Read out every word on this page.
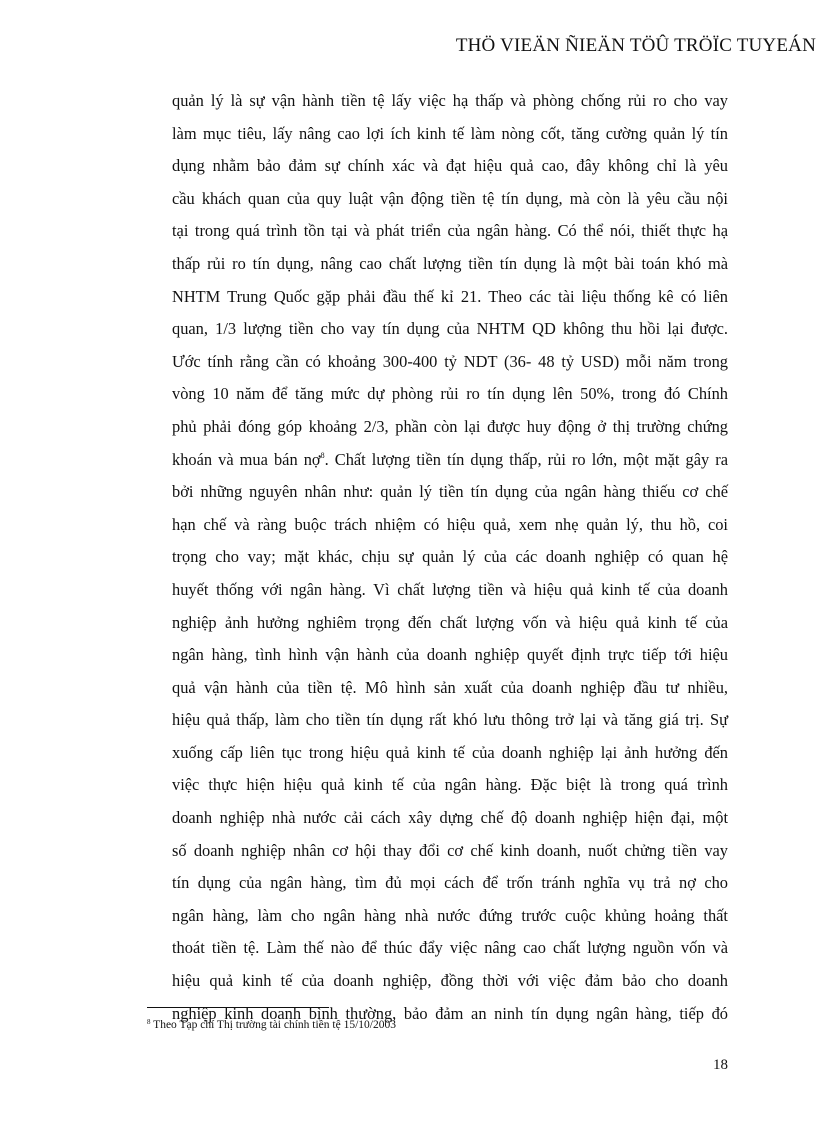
THÖ VIEÄN ÑIEÄN TÖÛ TRÖÏC TUYEÁN
quản lý là sự vận hành tiền tệ lấy việc hạ thấp và phòng chống rủi ro cho vay
làm mục tiêu, lấy nâng cao lợi ích kinh tế làm nòng cốt, tăng cường quản lý tín
dụng nhằm bảo đảm sự chính xác và đạt hiệu quả cao, đây không chỉ là yêu
cầu khách quan của quy luật vận động tiền tệ tín dụng, mà còn là yêu cầu nội
tại trong quá trình tồn tại và phát triển của ngân hàng. Có thể nói, thiết thực hạ
thấp rủi ro tín dụng, nâng cao chất lượng tiền tín dụng là một bài toán khó mà
NHTM Trung Quốc gặp phải đầu thế kỉ 21. Theo các tài liệu thống kê có liên
quan, 1/3 lượng tiền cho vay tín dụng của NHTM QD không thu hồi lại được.
Ước tính rằng cần có khoảng 300-400 tỷ NDT (36- 48 tỷ USD) mỗi năm trong
vòng 10 năm để tăng mức dự phòng rủi ro tín dụng lên 50%, trong đó Chính
phủ phải đóng góp khoảng 2/3, phần còn lại được huy động ở thị trường chứng
khoán và mua bán nợ$^8$. Chất lượng tiền tín dụng thấp, rủi ro lớn, một mặt gây ra
bởi những nguyên nhân như: quản lý tiền tín dụng của ngân hàng thiếu cơ chế
hạn chế và ràng buộc trách nhiệm có hiệu quả, xem nhẹ quản lý, thu hồ, coi
trọng cho vay; mặt khác, chịu sự quản lý của các doanh nghiệp có quan hệ
huyết thống với ngân hàng. Vì chất lượng tiền và hiệu quả kinh tế của doanh
nghiệp ảnh hưởng nghiêm trọng đến chất lượng vốn và hiệu quả kinh tế của
ngân hàng, tình hình vận hành của doanh nghiệp quyết định trực tiếp tới hiệu
quả vận hành của tiền tệ. Mô hình sản xuất của doanh nghiệp đầu tư nhiều,
hiệu quả thấp, làm cho tiền tín dụng rất khó lưu thông trở lại và tăng giá trị. Sự
xuống cấp liên tục trong hiệu quả kinh tế của doanh nghiệp lại ảnh hưởng đến
việc thực hiện hiệu quả kinh tế của ngân hàng. Đặc biệt là trong quá trình
doanh nghiệp nhà nước cải cách xây dựng chế độ doanh nghiệp hiện đại, một
số doanh nghiệp nhân cơ hội thay đổi cơ chế kinh doanh, nuốt chửng tiền vay
tín dụng của ngân hàng, tìm đủ mọi cách để trốn tránh nghĩa vụ trả nợ cho
ngân hàng, làm cho ngân hàng nhà nước đứng trước cuộc khủng hoảng thất
thoát tiền tệ. Làm thế nào để thúc đẩy việc nâng cao chất lượng nguồn vốn và
hiệu quả kinh tế của doanh nghiệp, đồng thời với việc đảm bảo cho doanh
nghiệp kinh doanh bình thường, bảo đảm an ninh tín dụng ngân hàng, tiếp đó
$^8$ Theo Tạp chí Thị trường tài chính tiền tệ 15/10/2003
18
